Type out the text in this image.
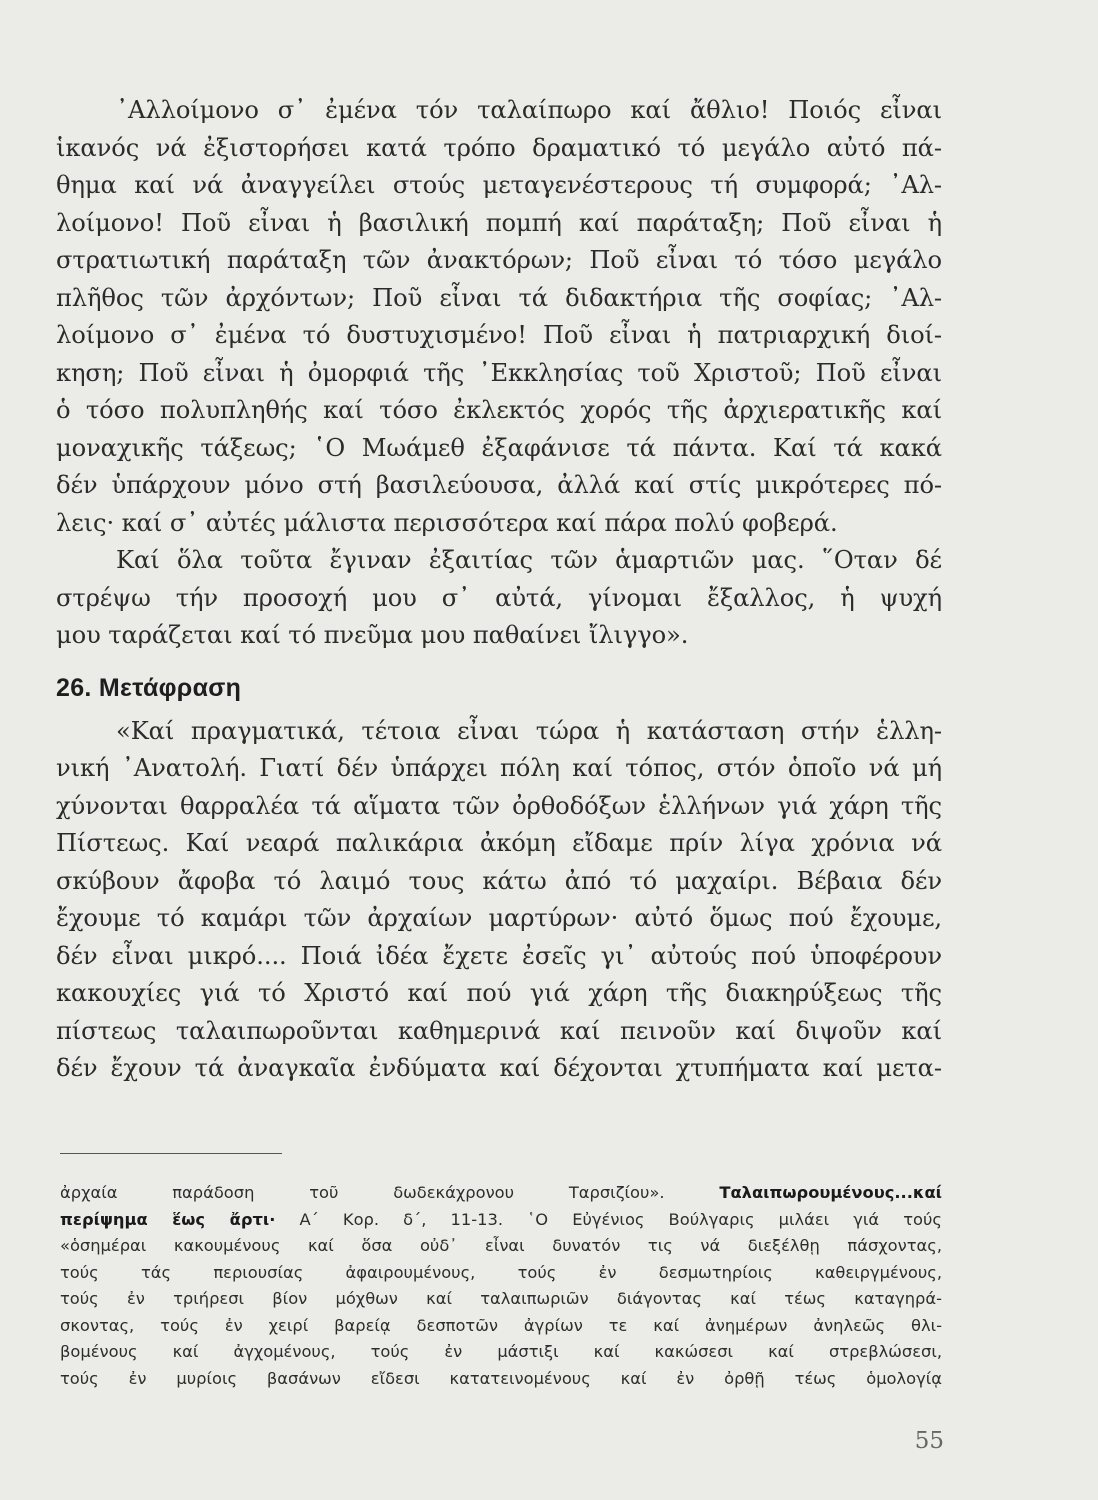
᾽Αλλοίμονο σ᾽ ἐμένα τόν ταλαίπωρο καί ἄθλιο! Ποιός εἶναι
ἱκανός νά ἐξιστορήσει κατά τρόπο δραματικό τό μεγάλο αὐτό πά-
θημα καί νά ἀναγγείλει στούς μεταγενέστερους τή συμφορά; ᾽Αλ-
λοίμονο! Ποῦ εἶναι ἡ βασιλική πομπή καί παράταξη; Ποῦ εἶναι ἡ
στρατιωτική παράταξη τῶν ἀνακτόρων; Ποῦ εἶναι τό τόσο μεγάλο
πλῆθος τῶν ἀρχόντων; Ποῦ εἶναι τά διδακτήρια τῆς σοφίας; ᾽Αλ-
λοίμονο σ᾽ ἐμένα τό δυστυχισμένο! Ποῦ εἶναι ἡ πατριαρχική διοί-
κηση; Ποῦ εἶναι ἡ ὀμορφιά τῆς ᾽Εκκλησίας τοῦ Χριστοῦ; Ποῦ εἶναι
ὁ τόσο πολυπληθής καί τόσο ἐκλεκτός χορός τῆς ἀρχιερατικῆς καί
μοναχικῆς τάξεως; ῾Ο Μωάμεθ ἐξαφάνισε τά πάντα. Καί τά κακά
δέν ὑπάρχουν μόνο στή βασιλεύουσα, ἀλλά καί στίς μικρότερες πό-
λεις· καί σ᾽ αὐτές μάλιστα περισσότερα καί πάρα πολύ φοβερά.
Καί ὅλα τοῦτα ἔγιναν ἐξαιτίας τῶν ἁμαρτιῶν μας. ῞Οταν δέ
στρέψω τήν προσοχή μου σ᾽ αὐτά, γίνομαι ἔξαλλος, ἡ ψυχή
μου ταράζεται καί τό πνεῦμα μου παθαίνει ἴλιγγο».
26. Μετάφραση
«Καί πραγματικά, τέτοια εἶναι τώρα ἡ κατάσταση στήν ἑλλη-
νική ᾽Ανατολή. Γιατί δέν ὑπάρχει πόλη καί τόπος, στόν ὁποῖο νά μή
χύνονται θαρραλέα τά αἵματα τῶν ὀρθοδόξων ἑλλήνων γιά χάρη τῆς
Πίστεως. Καί νεαρά παλικάρια ἀκόμη εἴδαμε πρίν λίγα χρόνια νά
σκύβουν ἄφοβα τό λαιμό τους κάτω ἀπό τό μαχαίρι. Βέβαια δέν
ἔχουμε τό καμάρι τῶν ἀρχαίων μαρτύρων· αὐτό ὅμως πού ἔχουμε,
δέν εἶναι μικρό.... Ποιά ἰδέα ἔχετε ἐσεῖς γι᾽ αὐτούς πού ὑποφέρουν
κακουχίες γιά τό Χριστό καί πού γιά χάρη τῆς διακηρύξεως τῆς
πίστεως ταλαιπωροῦνται καθημερινά καί πεινοῦν καί διψοῦν καί
δέν ἔχουν τά ἀναγκαῖα ἐνδύματα καί δέχονται χτυπήματα καί μετα-
ἀρχαία παράδοση τοῦ δωδεκάχρονου Ταρσιζίου». Ταλαιπωρουμένους...καί
περίψημα ἕως ἄρτι· Α΄ Κορ. δ΄, 11-13. ῾Ο Εὐγένιος Βούλγαρις μιλάει γιά τούς
«ὁσημέραι κακουμένους καί ὅσα οὐδ᾽ εἶναι δυνατόν τις νά διεξέλθῃ πάσχοντας,
τούς τάς περιουσίας ἀφαιρουμένους, τούς ἐν δεσμωτηρίοις καθειργμένους,
τούς ἐν τριήρεσι βίον μόχθων καί ταλαιπωριῶν διάγοντας καί τέως καταγηρά-
σκοντας, τούς ἐν χειρί βαρείᾳ δεσποτῶν ἀγρίων τε καί ἀνημέρων ἀνηλεῶς θλι-
βομένους καί ἀγχομένους, τούς ἐν μάστιξι καί κακώσεσι καί στρεβλώσεσι,
τούς ἐν μυρίοις βασάνων εἴδεσι κατατεινομένους καί ἐν ὀρθῇ τέως ὁμολογίᾳ
55
